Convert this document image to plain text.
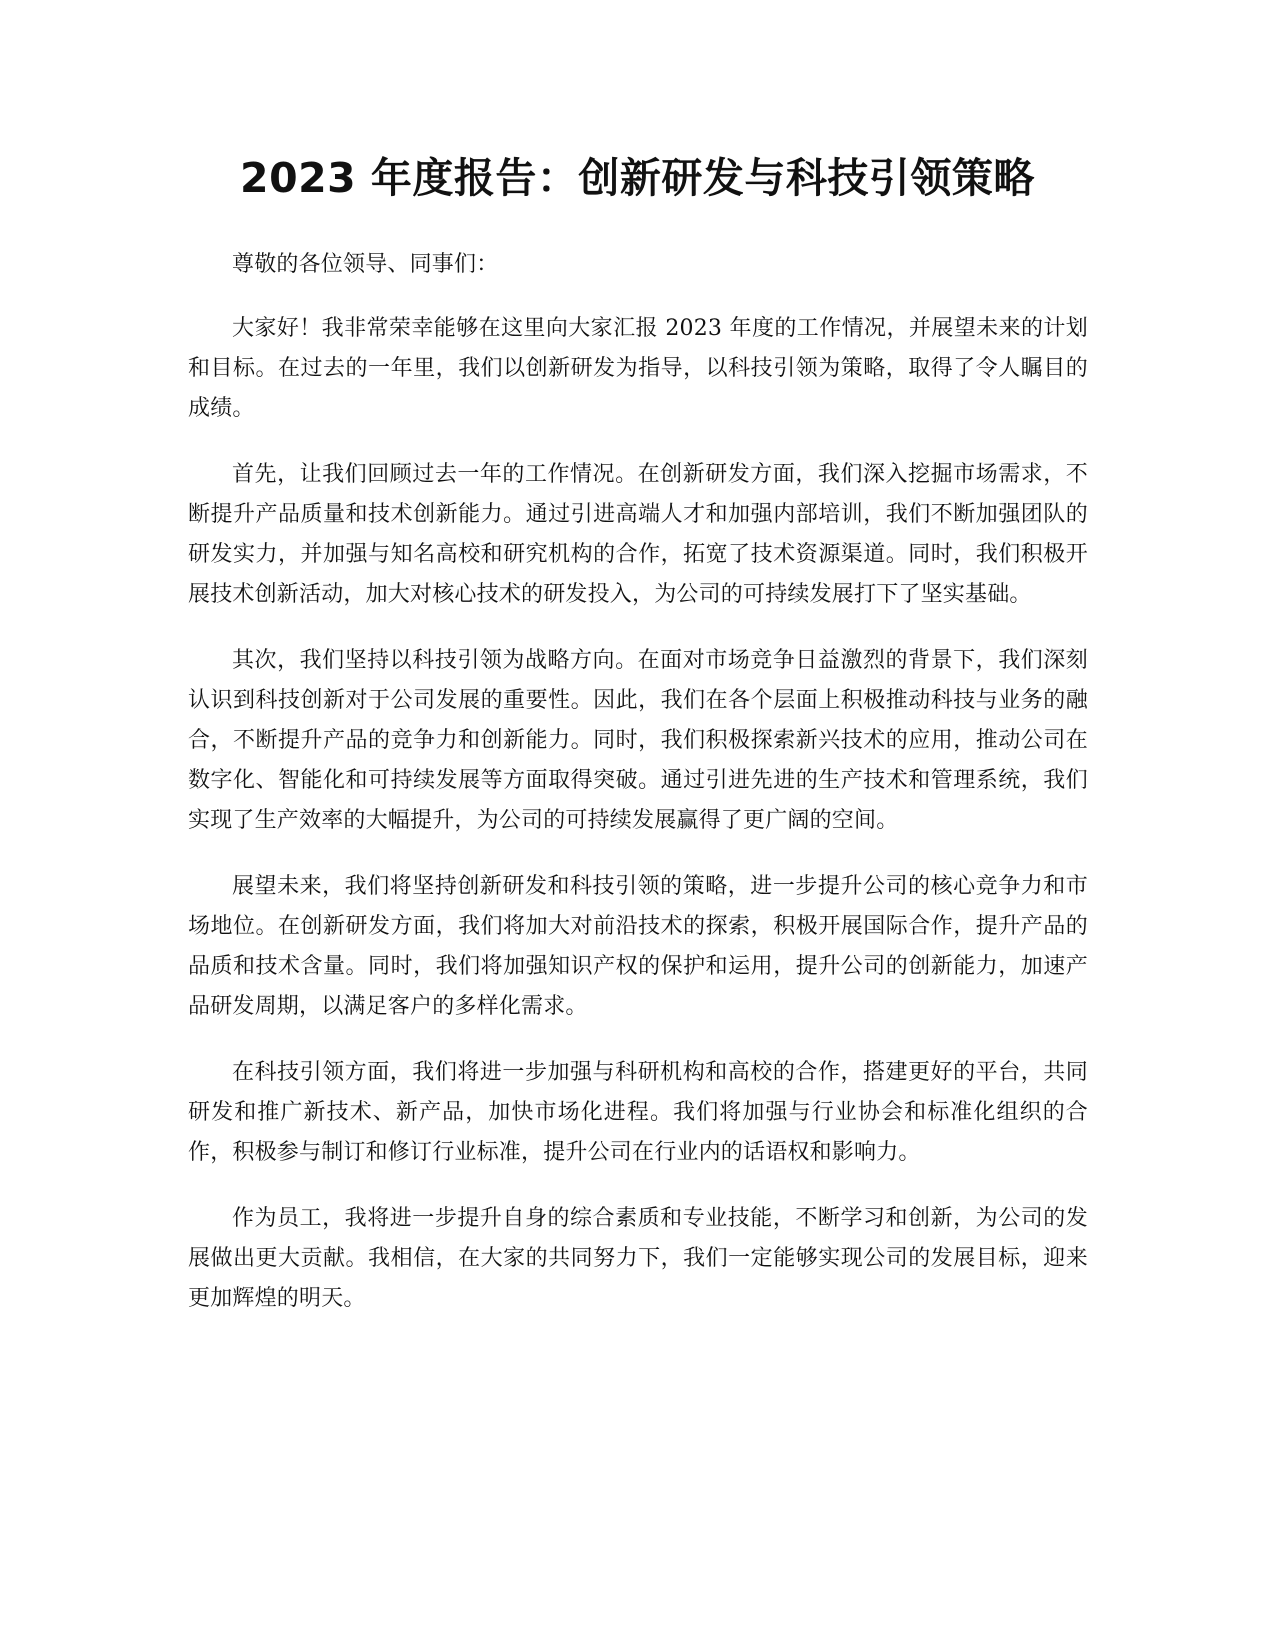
2023 年度报告：创新研发与科技引领策略

尊敬的各位领导、同事们：

大家好！我非常荣幸能够在这里向大家汇报 2023 年度的工作情况，并展望未来的计划和目标。在过去的一年里，我们以创新研发为指导，以科技引领为策略，取得了令人瞩目的成绩。

首先，让我们回顾过去一年的工作情况。在创新研发方面，我们深入挖掘市场需求，不断提升产品质量和技术创新能力。通过引进高端人才和加强内部培训，我们不断加强团队的研发实力，并加强与知名高校和研究机构的合作，拓宽了技术资源渠道。同时，我们积极开展技术创新活动，加大对核心技术的研发投入，为公司的可持续发展打下了坚实基础。

其次，我们坚持以科技引领为战略方向。在面对市场竞争日益激烈的背景下，我们深刻认识到科技创新对于公司发展的重要性。因此，我们在各个层面上积极推动科技与业务的融合，不断提升产品的竞争力和创新能力。同时，我们积极探索新兴技术的应用，推动公司在数字化、智能化和可持续发展等方面取得突破。通过引进先进的生产技术和管理系统，我们实现了生产效率的大幅提升，为公司的可持续发展赢得了更广阔的空间。

展望未来，我们将坚持创新研发和科技引领的策略，进一步提升公司的核心竞争力和市场地位。在创新研发方面，我们将加大对前沿技术的探索，积极开展国际合作，提升产品的品质和技术含量。同时，我们将加强知识产权的保护和运用，提升公司的创新能力，加速产品研发周期，以满足客户的多样化需求。

在科技引领方面，我们将进一步加强与科研机构和高校的合作，搭建更好的平台，共同研发和推广新技术、新产品，加快市场化进程。我们将加强与行业协会和标准化组织的合作，积极参与制订和修订行业标准，提升公司在行业内的话语权和影响力。

作为员工，我将进一步提升自身的综合素质和专业技能，不断学习和创新，为公司的发展做出更大贡献。我相信，在大家的共同努力下，我们一定能够实现公司的发展目标，迎来更加辉煌的明天。
